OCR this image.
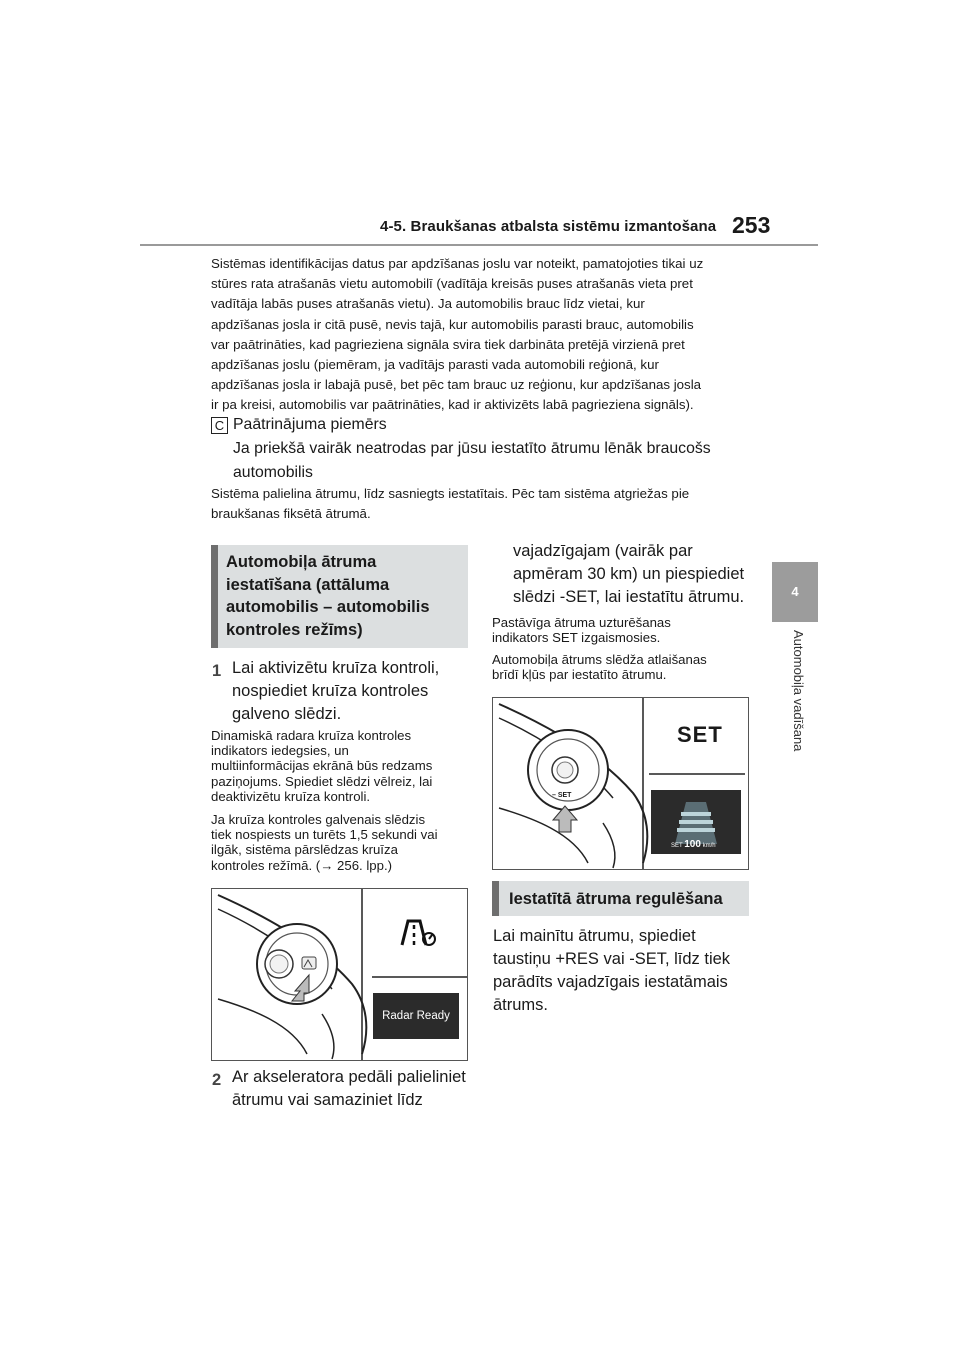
4-5. Braukšanas atbalsta sistēmu izmantošana 253
4
Automobiļa vadīšana
Sistēmas identifikācijas datus par apdzīšanas joslu var noteikt, pamatojoties tikai uz
stūres rata atrašanās vietu automobilī (vadītāja kreisās puses atrašanās vieta pret
vadītāja labās puses atrašanās vietu). Ja automobilis brauc līdz vietai, kur
apdzīšanas josla ir citā pusē, nevis tajā, kur automobilis parasti brauc, automobilis
var paātrināties, kad pagrieziena signāla svira tiek darbināta pretējā virzienā pret
apdzīšanas joslu (piemēram, ja vadītājs parasti vada automobili reģionā, kur
apdzīšanas josla ir labajā pusē, bet pēc tam brauc uz reģionu, kur apdzīšanas josla
ir pa kreisi, automobilis var paātrināties, kad ir aktivizēts labā pagrieziena signāls).
C Paātrinājuma piemērs
Ja priekšā vairāk neatrodas par jūsu iestatīto ātrumu lēnāk braucošs
automobilis
Sistēma palielina ātrumu, līdz sasniegts iestatītais. Pēc tam sistēma atgriežas pie
braukšanas fiksētā ātrumā.
Automobiļa ātruma
iestatīšana (attāluma
automobilis – automobilis
kontroles režīms)
1 Lai aktivizētu kruīza kontroli,
nospiediet kruīza kontroles
galveno slēdzi.
Dinamiskā radara kruīza kontroles
indikators iedegsies, un
multiinformācijas ekrānā būs redzams
paziņojums. Spiediet slēdzi vēlreiz, lai
deaktivizētu kruīza kontroli.
Ja kruīza kontroles galvenais slēdzis
tiek nospiests un turēts 1,5 sekundi vai
ilgāk, sistēma pārslēdzas kruīza
kontroles režīmā. (→ 256. lpp.)
Radar Ready
2 Ar akseleratora pedāli palieliniet
ātrumu vai samaziniet līdz
vajadzīgajam (vairāk par
apmēram 30 km) un piespiediet
slēdzi -SET, lai iestatītu ātrumu.
Pastāvīga ātruma uzturēšanas
indikators SET izgaismosies.
Automobiļa ātrums slēdža atlaišanas
brīdī kļūs par iestatīto ātrumu.
– SET
SET
SET 100 km/h
Iestatītā ātruma regulēšana
Lai mainītu ātrumu, spiediet
taustiņu +RES vai -SET, līdz tiek
parādīts vajadzīgais iestatāmais
ātrums.
